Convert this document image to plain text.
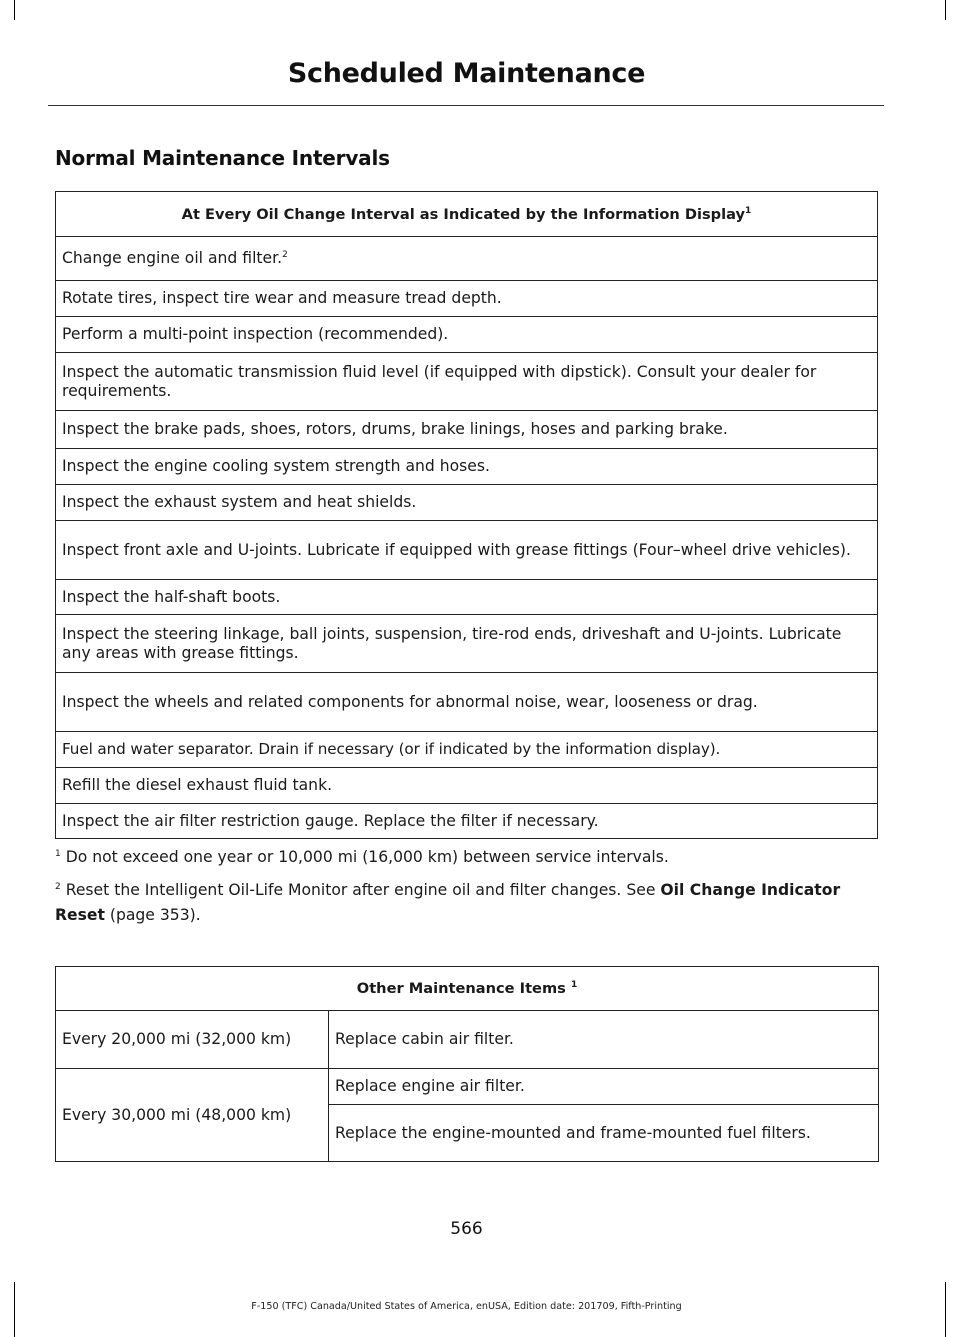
Scheduled Maintenance
Normal Maintenance Intervals
At Every Oil Change Interval as Indicated by the Information Display$^1$
Change engine oil and filter.$^2$
Rotate tires, inspect tire wear and measure tread depth.
Perform a multi-point inspection (recommended).
Inspect the automatic transmission fluid level (if equipped with dipstick). Consult your dealer for requirements.
Inspect the brake pads, shoes, rotors, drums, brake linings, hoses and parking brake.
Inspect the engine cooling system strength and hoses.
Inspect the exhaust system and heat shields.
Inspect front axle and U-joints. Lubricate if equipped with grease fittings (Four–wheel drive vehicles).
Inspect the half-shaft boots.
Inspect the steering linkage, ball joints, suspension, tire-rod ends, driveshaft and U-joints. Lubricate any areas with grease fittings.
Inspect the wheels and related components for abnormal noise, wear, looseness or drag.
Fuel and water separator. Drain if necessary (or if indicated by the information display).
Refill the diesel exhaust fluid tank.
Inspect the air filter restriction gauge. Replace the filter if necessary.
$^1$ Do not exceed one year or 10,000 mi (16,000 km) between service intervals.
$^2$ Reset the Intelligent Oil-Life Monitor after engine oil and filter changes. See Oil Change Indicator Reset (page 353).
Other Maintenance Items $^1$
Every 20,000 mi (32,000 km)	Replace cabin air filter.
Every 30,000 mi (48,000 km)	Replace engine air filter.
	Replace the engine-mounted and frame-mounted fuel filters.
566
F-150 (TFC) Canada/United States of America, enUSA, Edition date: 201709, Fifth-Printing
